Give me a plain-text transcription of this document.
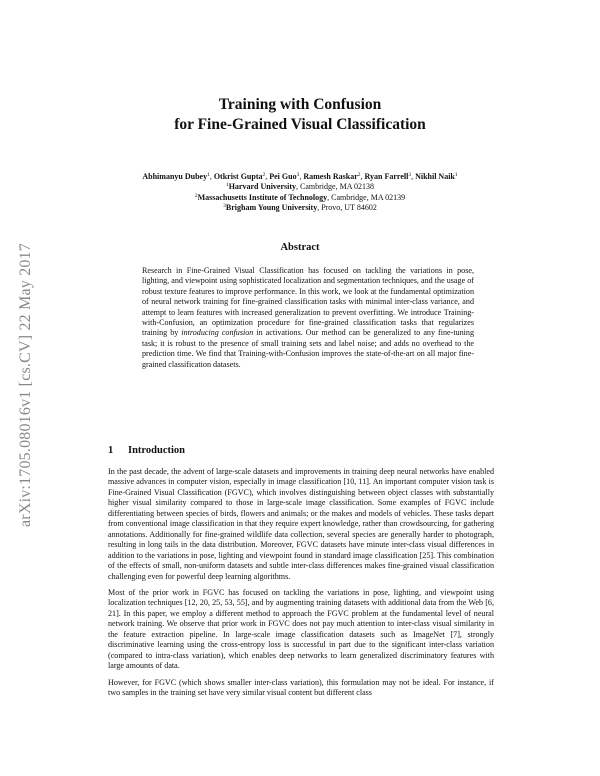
arXiv:1705.08016v1 [cs.CV] 22 May 2017
Training with Confusion
for Fine-Grained Visual Classification
Abhimanyu Dubey$^1$, Otkrist Gupta$^2$, Pei Guo$^3$, Ramesh Raskar$^2$, Ryan Farrell$^3$, Nikhil Naik$^1$
$^1$Harvard University, Cambridge, MA 02138
$^2$Massachusetts Institute of Technology, Cambridge, MA 02139
$^3$Brigham Young University, Provo, UT 84602
Abstract
Research in Fine-Grained Visual Classification has focused on tackling the variations in pose, lighting, and viewpoint using sophisticated localization and segmentation techniques, and the usage of robust texture features to improve performance. In this work, we look at the fundamental optimization of neural network training for fine-grained classification tasks with minimal inter-class variance, and attempt to learn features with increased generalization to prevent overfitting. We introduce Training-with-Confusion, an optimization procedure for fine-grained classification tasks that regularizes training by introducing confusion in activations. Our method can be generalized to any fine-tuning task; it is robust to the presence of small training sets and label noise; and adds no overhead to the prediction time. We find that Training-with-Confusion improves the state-of-the-art on all major fine-grained classification datasets.
1 Introduction

In the past decade, the advent of large-scale datasets and improvements in training deep neural networks have enabled massive advances in computer vision, especially in image classification [10, 11]. An important computer vision task is Fine-Grained Visual Classification (FGVC), which involves distinguishing between object classes with substantially higher visual similarity compared to those in large-scale image classification. Some examples of FGVC include differentiating between species of birds, flowers and animals; or the makes and models of vehicles. These tasks depart from conventional image classification in that they require expert knowledge, rather than crowdsourcing, for gathering annotations. Additionally for fine-grained wildlife data collection, several species are generally harder to photograph, resulting in long tails in the data distribution. Moreover, FGVC datasets have minute inter-class visual differences in addition to the variations in pose, lighting and viewpoint found in standard image classification [25]. This combination of the effects of small, non-uniform datasets and subtle inter-class differences makes fine-grained visual classification challenging even for powerful deep learning algorithms.

Most of the prior work in FGVC has focused on tackling the variations in pose, lighting, and viewpoint using localization techniques [12, 20, 25, 53, 55], and by augmenting training datasets with additional data from the Web [6, 21]. In this paper, we employ a different method to approach the FGVC problem at the fundamental level of neural network training. We observe that prior work in FGVC does not pay much attention to inter-class visual similarity in the feature extraction pipeline. In large-scale image classification datasets such as ImageNet [7], strongly discriminative learning using the cross-entropy loss is successful in part due to the significant inter-class variation (compared to intra-class variation), which enables deep networks to learn generalized discriminatory features with large amounts of data.

However, for FGVC (which shows smaller inter-class variation), this formulation may not be ideal. For instance, if two samples in the training set have very similar visual content but different class
